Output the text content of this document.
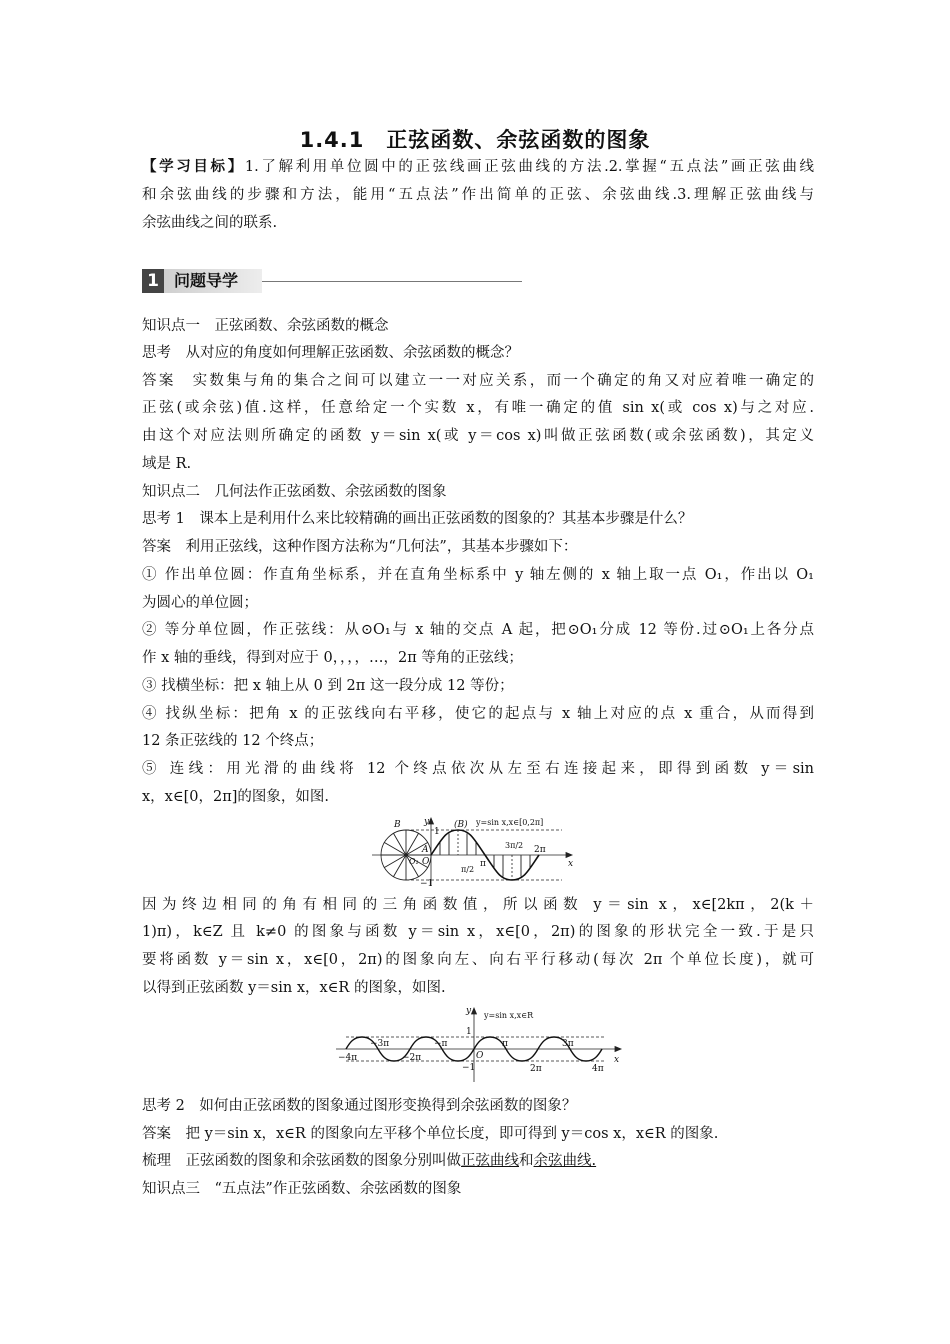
1.4.1　正弦函数、余弦函数的图象
【学习目标】1.了解利用单位圆中的正弦线画正弦曲线的方法.2.掌握“五点法”画正弦曲线
和余弦曲线的步骤和方法，能用“五点法”作出简单的正弦、余弦曲线.3.理解正弦曲线与
余弦曲线之间的联系.
1 问题导学
知识点一　正弦函数、余弦函数的概念
思考　从对应的角度如何理解正弦函数、余弦函数的概念？
答案　实数集与角的集合之间可以建立一一对应关系，而一个确定的角又对应着唯一确定的
正弦(或余弦)值.这样，任意给定一个实数 x，有唯一确定的值 sin x(或 cos x)与之对应.
由这个对应法则所确定的函数 y＝sin x(或 y＝cos x)叫做正弦函数(或余弦函数)，其定义
域是 R.
知识点二　几何法作正弦函数、余弦函数的图象
思考 1　课本上是利用什么来比较精确的画出正弦函数的图象的？其基本步骤是什么？
答案　利用正弦线，这种作图方法称为“几何法”，其基本步骤如下：
① 作出单位圆：作直角坐标系，并在直角坐标系中 y 轴左侧的 x 轴上取一点 O₁，作出以 O₁
为圆心的单位圆；
② 等分单位圆，作正弦线：从⊙O₁与 x 轴的交点 A 起，把⊙O₁分成 12 等份.过⊙O₁上各分点
作 x 轴的垂线，得到对应于 0，，，，…，2π 等角的正弦线；
③ 找横坐标：把 x 轴上从 0 到 2π 这一段分成 12 等份；
④ 找纵坐标：把角 x 的正弦线向右平移，使它的起点与 x 轴上对应的点 x 重合，从而得到
12 条正弦线的 12 个终点；
⑤ 连线：用光滑的曲线将 12 个终点依次从左至右连接起来，即得到函数 y＝sin
x，x∈[0，2π]的图象，如图.
B	(B) y=sin x,x∈[0,2π]
A
O₁ O
y
x
1
−1
π/2
π
3π/2 2π
因为终边相同的角有相同的三角函数值，所以函数 y＝sin x，x∈[2kπ，2(k＋
1)π)，k∈Z 且 k≠0 的图象与函数 y＝sin x，x∈[0，2π)的图象的形状完全一致.于是只
要将函数 y＝sin x，x∈[0，2π)的图象向左、向右平行移动(每次 2π 个单位长度)，就可
以得到正弦函数 y＝sin x，x∈R 的图象，如图.
y=sin x,x∈R
y
x
O
1
−1
−4π
−3π
−2π
−π	π
2π
3π
4π
思考 2　如何由正弦函数的图象通过图形变换得到余弦函数的图象？
答案　把 y＝sin x，x∈R 的图象向左平移个单位长度，即可得到 y＝cos x，x∈R 的图象.
梳理　正弦函数的图象和余弦函数的图象分别叫做正弦曲线和余弦曲线.
知识点三　“五点法”作正弦函数、余弦函数的图象
